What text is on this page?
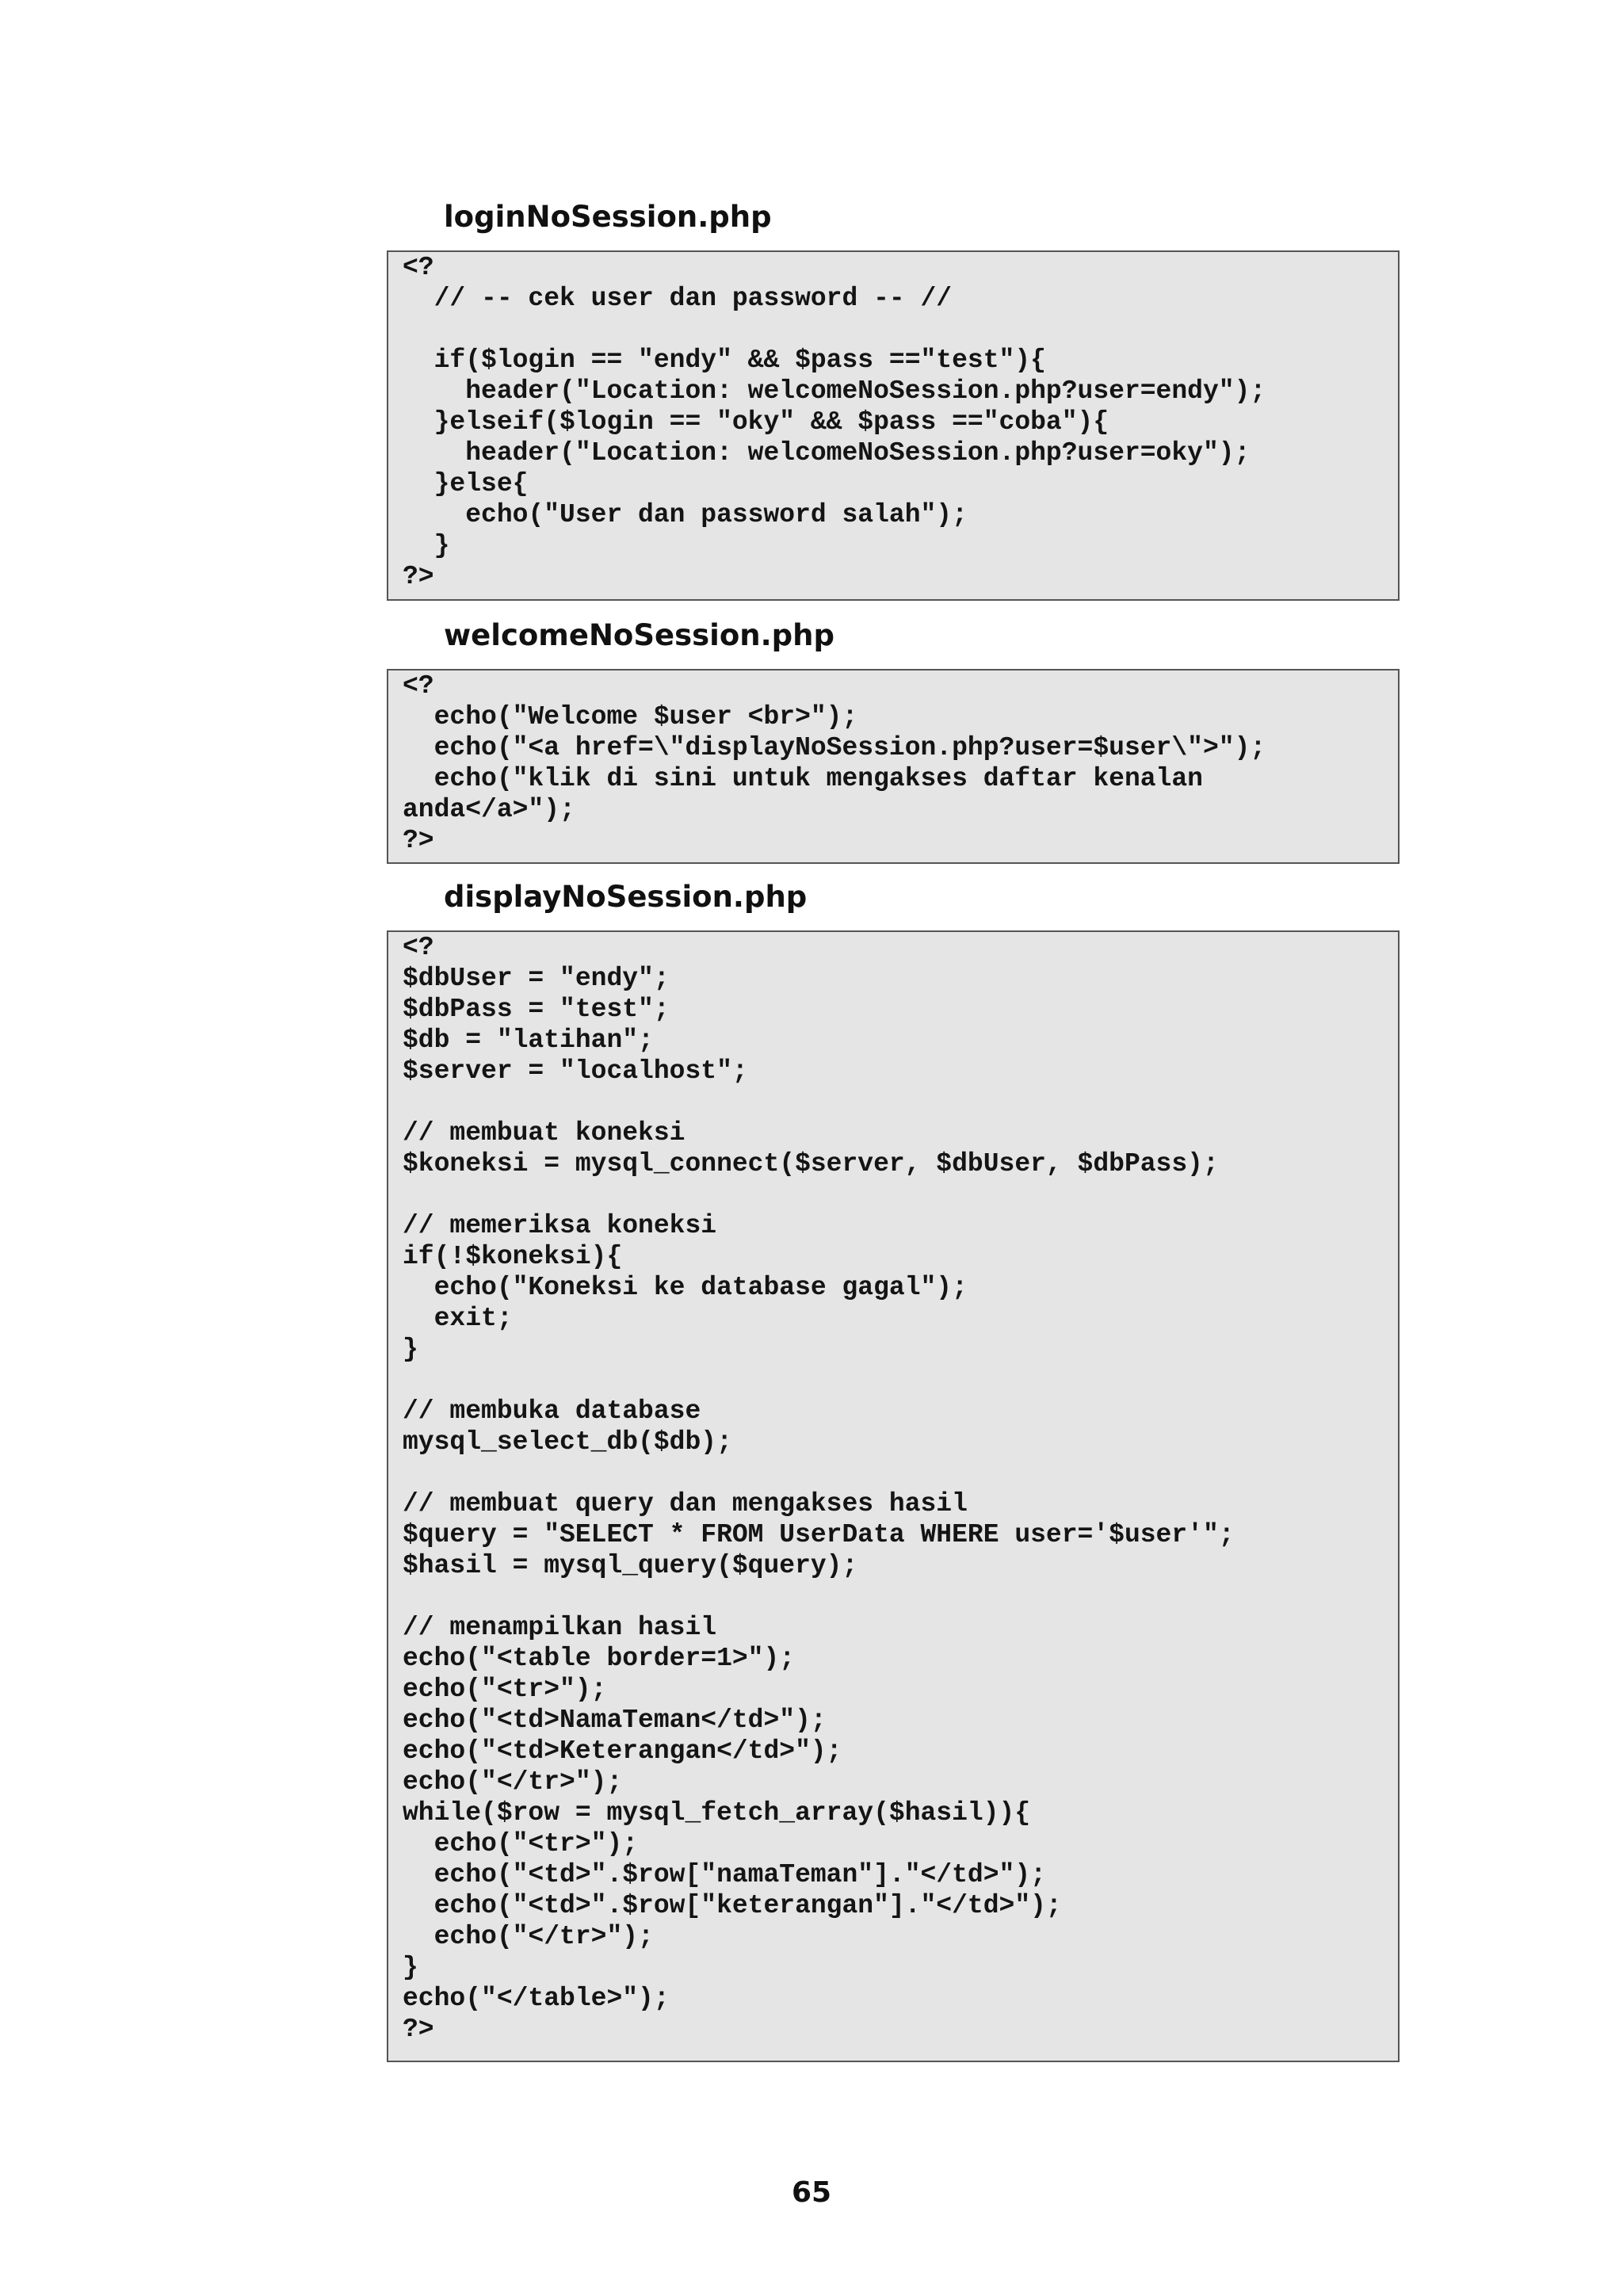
loginNoSession.php
<?
// -- cek user dan password -- //

if($login == "endy" && $pass =="test"){
header("Location: welcomeNoSession.php?user=endy");
}elseif($login == "oky" && $pass =="coba"){
header("Location: welcomeNoSession.php?user=oky");
}else{
echo("User dan password salah");
}
?>
welcomeNoSession.php
<?
echo("Welcome $user <br>");
echo("<a href=\"displayNoSession.php?user=$user\">");
echo("klik di sini untuk mengakses daftar kenalan
anda</a>");
?>
displayNoSession.php
<?
$dbUser = "endy";
$dbPass = "test";
$db = "latihan";
$server = "localhost";

// membuat koneksi
$koneksi = mysql_connect($server, $dbUser, $dbPass);

// memeriksa koneksi
if(!$koneksi){
echo("Koneksi ke database gagal");
exit;
}

// membuka database
mysql_select_db($db);

// membuat query dan mengakses hasil
$query = "SELECT * FROM UserData WHERE user='$user'";
$hasil = mysql_query($query);

// menampilkan hasil
echo("<table border=1>");
echo("<tr>");
echo("<td>NamaTeman</td>");
echo("<td>Keterangan</td>");
echo("</tr>");
while($row = mysql_fetch_array($hasil)){
echo("<tr>");
echo("<td>".$row["namaTeman"]."</td>");
echo("<td>".$row["keterangan"]."</td>");
echo("</tr>");
}
echo("</table>");
?>
65
